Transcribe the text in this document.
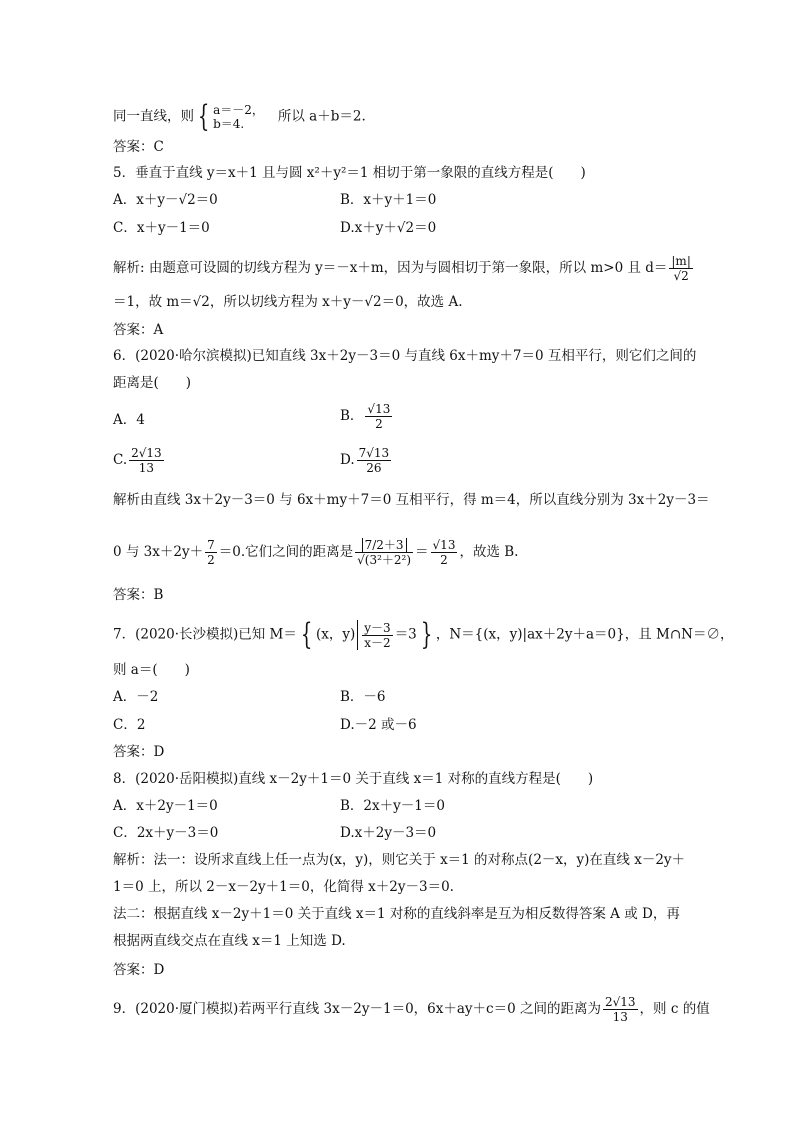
同一直线，则 { a＝－2，
b＝4.	所以 a＋b＝2.
答案：C
5．垂直于直线 y＝x＋1 且与圆 x²＋y²＝1 相切于第一象限的直线方程是(　　)
A．x＋y－√2＝0	B．x＋y＋1＝0
C．x＋y－1＝0	D.x＋y＋√2＝0
解析: 由题意可设圆的切线方程为 y＝－x＋m，因为与圆相切于第一象限，所以 m>0 且 $d= \frac{|m|}{√2}$
＝1，故 m＝√2，所以切线方程为 x＋y－√2＝0，故选 A.
答案：A
6．(2020·哈尔滨模拟)已知直线 3x＋2y－3＝0 与直线 6x＋my＋7＝0 互相平行，则它们之间的
距离是(　　)
A．4	B． $\frac{√13}{2}$
C. $\frac{2√13}{13}$	D. $\frac{7√13}{26}$
解析由直线 3x＋2y－3＝0 与 6x＋my＋7＝0 互相平行，得 m＝4，所以直线分别为 3x＋2y－3＝
0 与 $3x+2y+ \frac{7}{2} =0$.它们之间的距离是 $\frac{7/2+3}{\text{√(3²＋2²)}} = \frac{√13}{2}$ ，故选 B.
答案：B
7．(2020·长沙模拟)已知 M＝ { (x，$y) \frac{y-3}{x-2} =3$ } ，N＝{(x，y)|ax＋2y＋a＝0}，且 M∩N＝∅，
则 a＝(　　)
A．－2	B．－6
C．2	D.－2 或－6
答案：D
8．(2020·岳阳模拟)直线 x－2y＋1＝0 关于直线 x＝1 对称的直线方程是(　　)
A．x＋2y－1＝0	B．2x＋y－1＝0
C．2x＋y－3＝0	D.x＋2y－3＝0
解析：法一：设所求直线上任一点为(x，y)，则它关于 x＝1 的对称点(2－x，y)在直线 x－2y＋
1＝0 上，所以 2－x－2y＋1＝0，化简得 x＋2y－3＝0.
法二：根据直线 x－2y＋1＝0 关于直线 x＝1 对称的直线斜率是互为相反数得答案 A 或 D，再
根据两直线交点在直线 x＝1 上知选 D.
答案：D
9．(2020·厦门模拟)若两平行直线 3x－2y－1＝0，6x＋ay＋c＝0 之间的距离为 $\frac{2√13}{13}$ ，则 c 的值
